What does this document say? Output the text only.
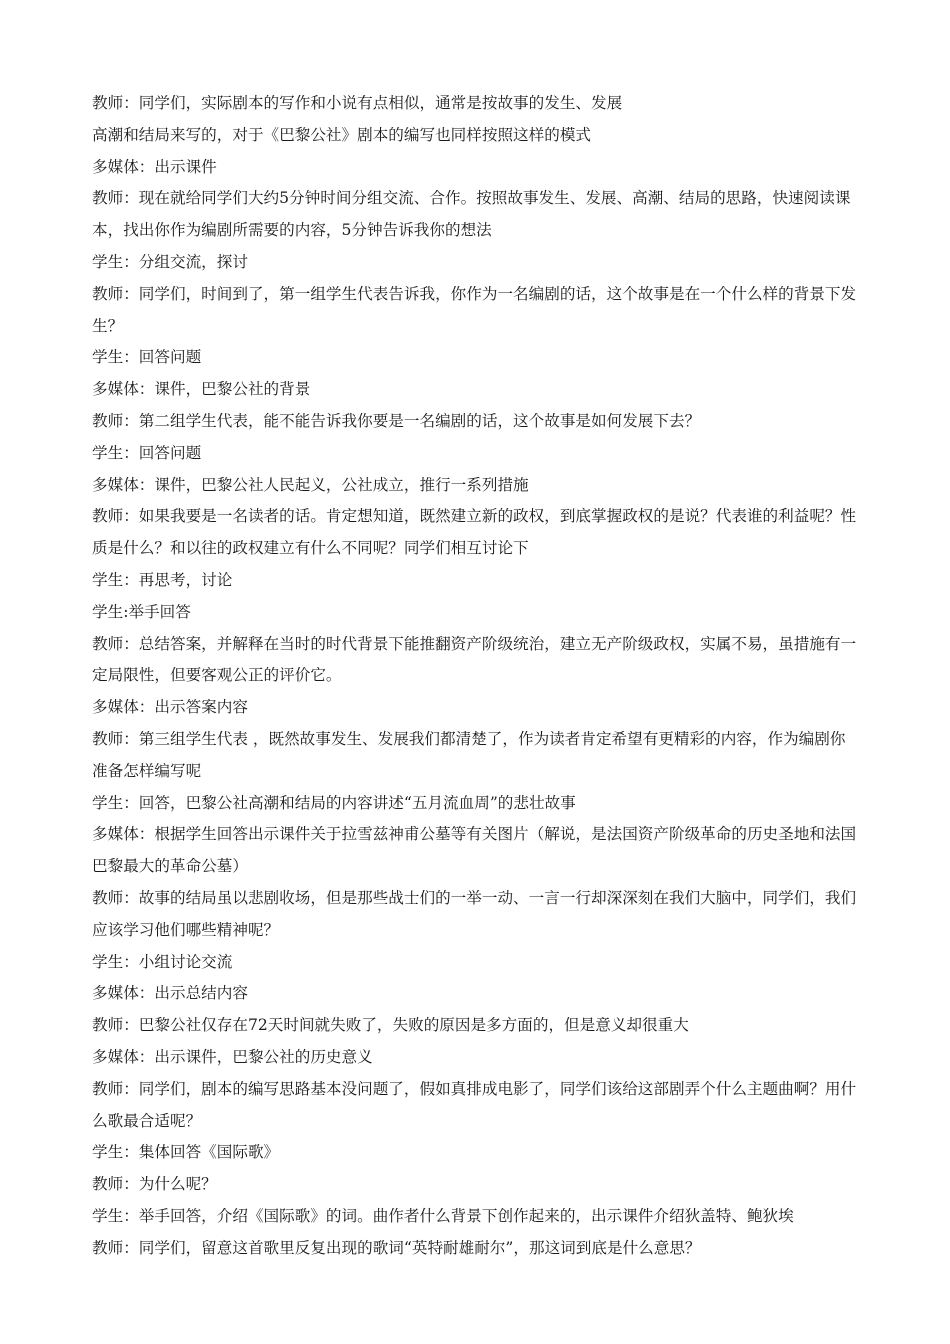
教师：同学们，实际剧本的写作和小说有点相似，通常是按故事的发生、发展

高潮和结局来写的，对于《巴黎公社》剧本的编写也同样按照这样的模式

多媒体：出示课件

教师：现在就给同学们大约5分钟时间分组交流、合作。按照故事发生、发展、高潮、结局的思路，快速阅读课本，找出你作为编剧所需要的内容，5分钟告诉我你的想法

学生：分组交流，探讨

教师：同学们，时间到了，第一组学生代表告诉我，你作为一名编剧的话，这个故事是在一个什么样的背景下发生？

学生：回答问题

多媒体：课件，巴黎公社的背景

教师：第二组学生代表，能不能告诉我你要是一名编剧的话，这个故事是如何发展下去？

学生：回答问题

多媒体：课件，巴黎公社人民起义，公社成立，推行一系列措施

教师：如果我要是一名读者的话。肯定想知道，既然建立新的政权，到底掌握政权的是说？代表谁的利益呢？性质是什么？和以往的政权建立有什么不同呢？同学们相互讨论下

学生：再思考，讨论

学生:举手回答

教师：总结答案，并解释在当时的时代背景下能推翻资产阶级统治，建立无产阶级政权，实属不易，虽措施有一定局限性，但要客观公正的评价它。

多媒体：出示答案内容

教师：第三组学生代表 ，既然故事发生、发展我们都清楚了，作为读者肯定希望有更精彩的内容，作为编剧你准备怎样编写呢

学生：回答，巴黎公社高潮和结局的内容讲述“五月流血周”的悲壮故事

多媒体：根据学生回答出示课件关于拉雪兹神甫公墓等有关图片（解说，是法国资产阶级革命的历史圣地和法国巴黎最大的革命公墓）

教师：故事的结局虽以悲剧收场，但是那些战士们的一举一动、一言一行却深深刻在我们大脑中，同学们，我们应该学习他们哪些精神呢？

学生：小组讨论交流

多媒体：出示总结内容

教师：巴黎公社仅存在72天时间就失败了，失败的原因是多方面的，但是意义却很重大

多媒体：出示课件，巴黎公社的历史意义

教师：同学们，剧本的编写思路基本没问题了，假如真排成电影了，同学们该给这部剧弄个什么主题曲啊？用什么歌最合适呢？

学生：集体回答《国际歌》

教师：为什么呢？

学生：举手回答，介绍《国际歌》的词。曲作者什么背景下创作起来的，出示课件介绍狄盖特、鲍狄埃

教师：同学们，留意这首歌里反复出现的歌词“英特耐雄耐尔”，那这词到底是什么意思？
